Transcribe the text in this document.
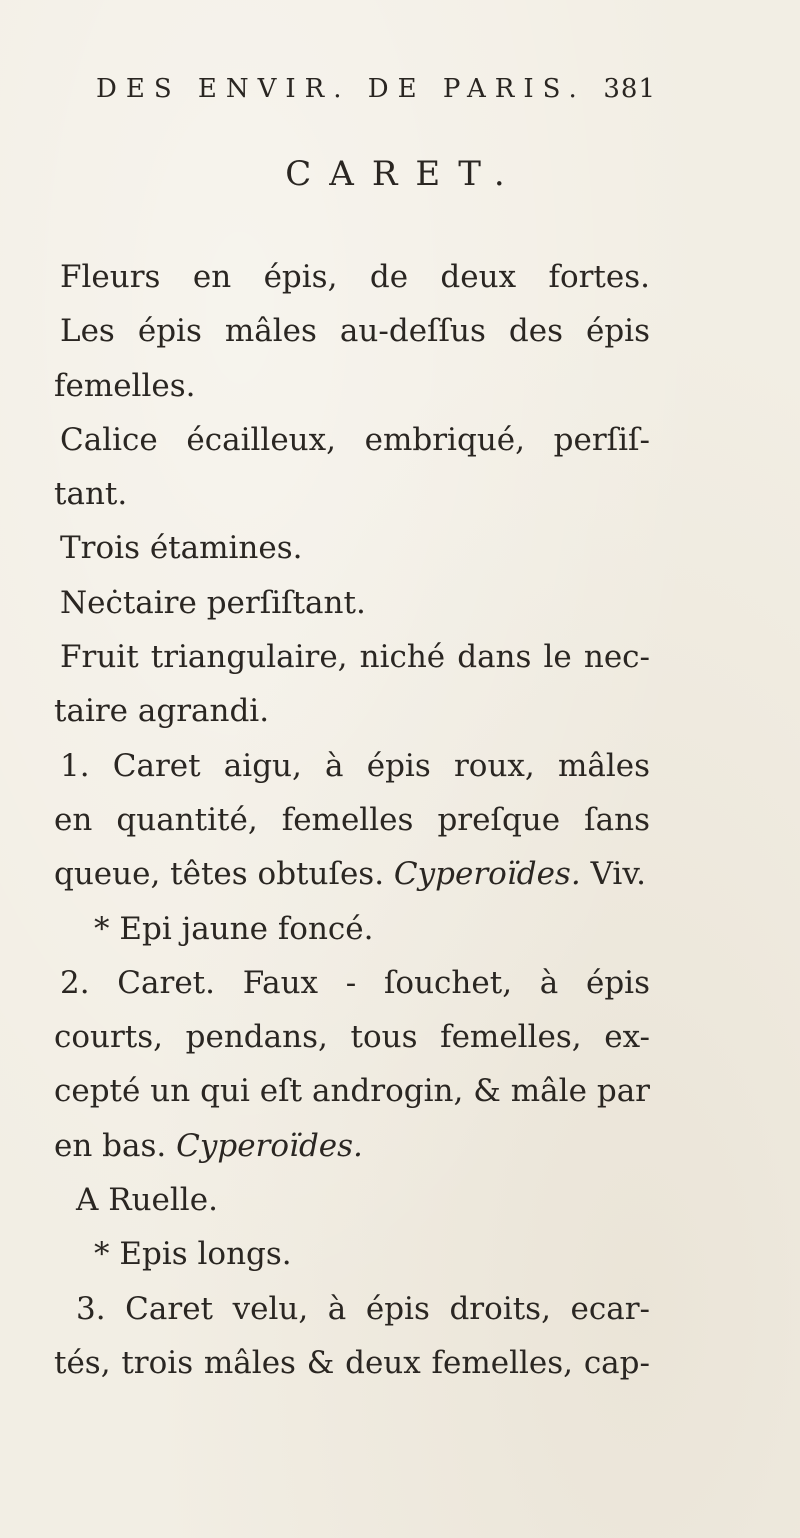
DES ENVIR. DE PARIS. 381
CARET.
Fleurs en épis, de deux fortes.
Les épis mâles au-deſſus des épis
femelles.
Calice écailleux, embriqué, perſiſ-
tant.
Trois étamines.
Neċtaire perſiſtant.
Fruit triangulaire, niché dans le nec-
taire agrandi.
1. Caret aigu, à épis roux, mâles
en quantité, femelles preſque ſans
queue, têtes obtuſes. Cyperoïdes. Viv.
* Epi jaune foncé.
2. Caret. Faux - ſouchet, à épis
courts, pendans, tous femelles, ex-
cepté un qui eſt androgin, & mâle par
en bas. Cyperoïdes.
A Ruelle.
* Epis longs.
3. Caret velu, à épis droits, ecar-
tés, trois mâles & deux femelles, cap-
